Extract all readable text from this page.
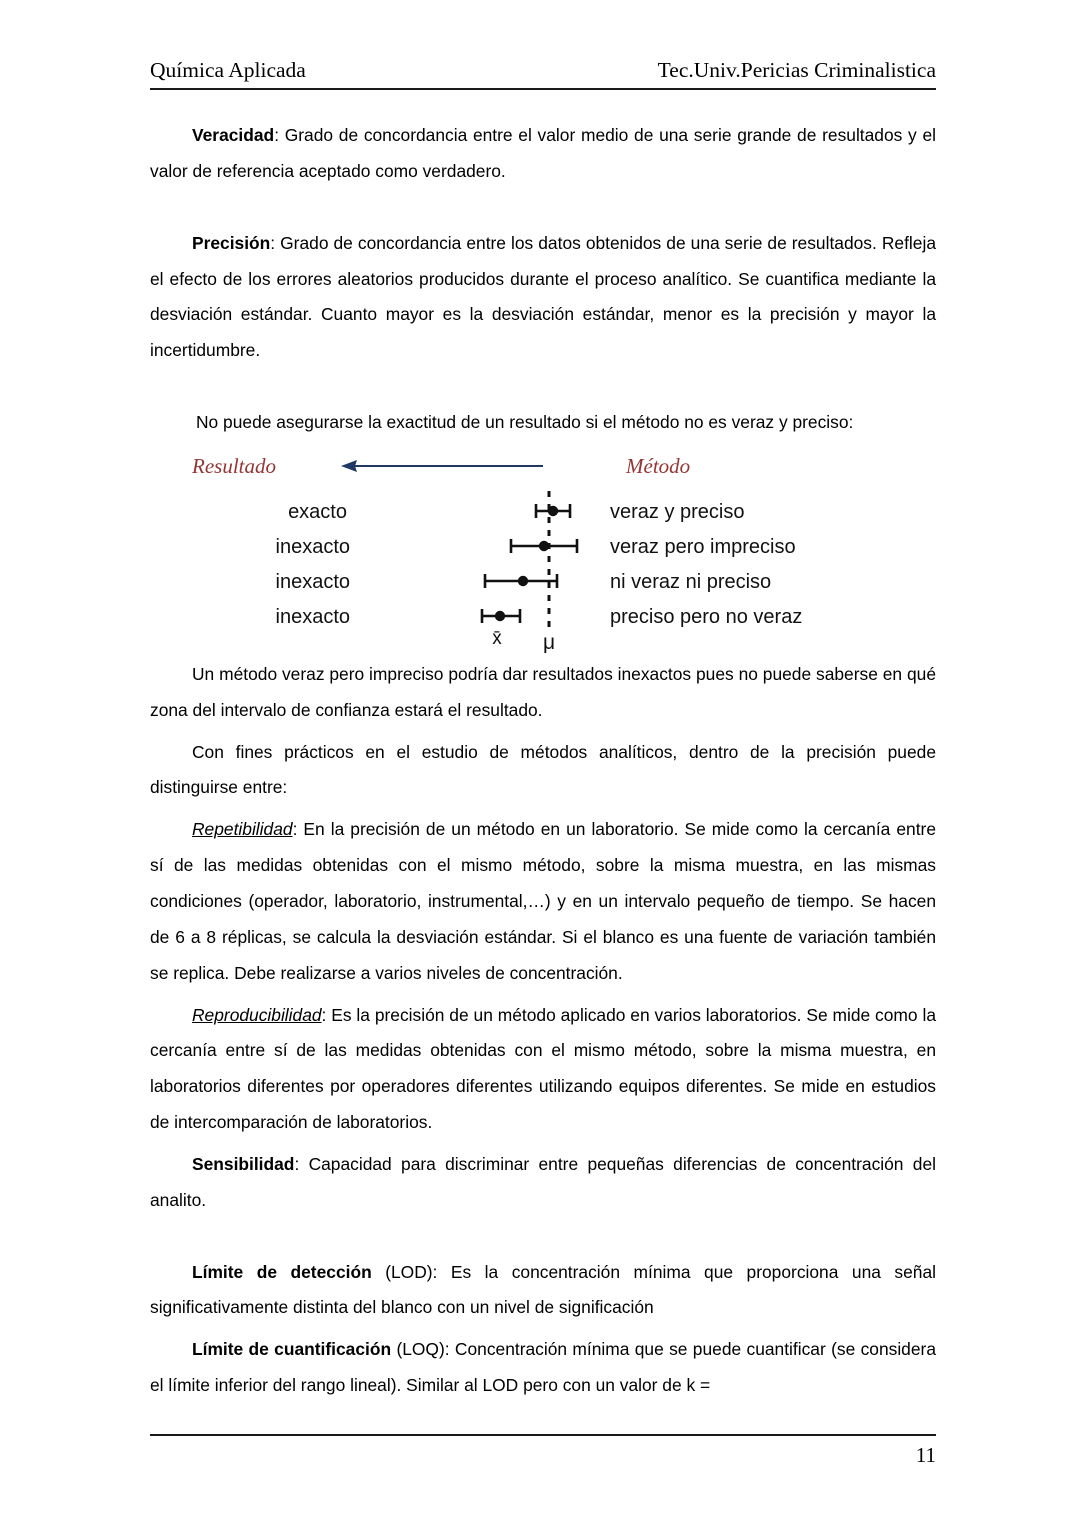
Química Aplicada	Tec.Univ.Pericias Criminalistica

Veracidad: Grado de concordancia entre el valor medio de una serie grande de resultados y el valor de referencia aceptado como verdadero.

Precisión: Grado de concordancia entre los datos obtenidos de una serie de resultados. Refleja el efecto de los errores aleatorios producidos durante el proceso analítico. Se cuantifica mediante la desviación estándar. Cuanto mayor es la desviación estándar, menor es la precisión y mayor la incertidumbre.

No puede asegurarse la exactitud de un resultado si el método no es veraz y preciso:

Resultado	Método
exacto
inexacto
inexacto
inexacto
veraz y preciso
veraz pero impreciso
ni veraz ni preciso
preciso pero no veraz
x̄ μ

Un método veraz pero impreciso podría dar resultados inexactos pues no puede saberse en qué zona del intervalo de confianza estará el resultado.

Con fines prácticos en el estudio de métodos analíticos, dentro de la precisión puede distinguirse entre:

Repetibilidad: En la precisión de un método en un laboratorio. Se mide como la cercanía entre sí de las medidas obtenidas con el mismo método, sobre la misma muestra, en las mismas condiciones (operador, laboratorio, instrumental,…) y en un intervalo pequeño de tiempo. Se hacen de 6 a 8 réplicas, se calcula la desviación estándar. Si el blanco es una fuente de variación también se replica. Debe realizarse a varios niveles de concentración.

Reproducibilidad: Es la precisión de un método aplicado en varios laboratorios. Se mide como la cercanía entre sí de las medidas obtenidas con el mismo método, sobre la misma muestra, en laboratorios diferentes por operadores diferentes utilizando equipos diferentes. Se mide en estudios de intercomparación de laboratorios.

Sensibilidad: Capacidad para discriminar entre pequeñas diferencias de concentración del analito.

Límite de detección (LOD): Es la concentración mínima que proporciona una señal significativamente distinta del blanco con un nivel de significación

Límite de cuantificación (LOQ): Concentración mínima que se puede cuantificar (se considera el límite inferior del rango lineal). Similar al LOD pero con un valor de k =

11
